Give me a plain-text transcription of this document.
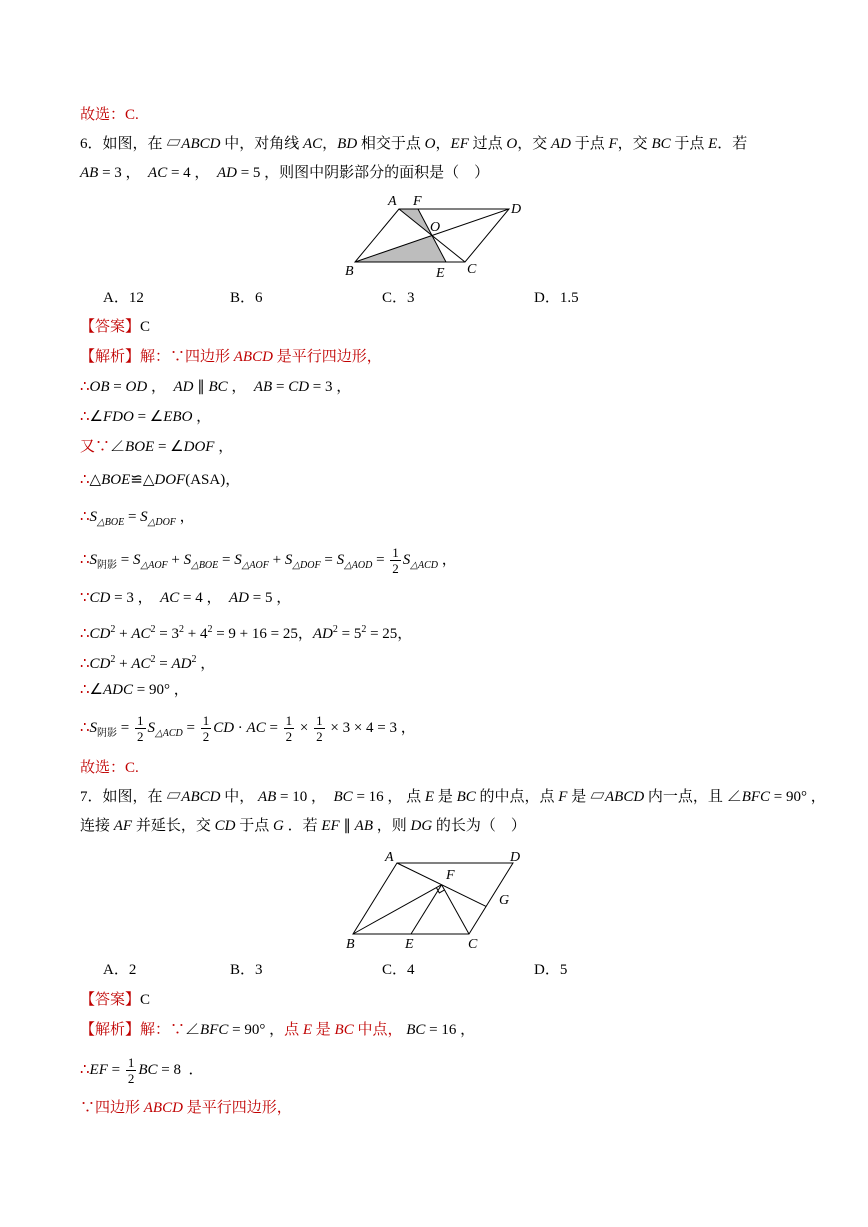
故选：C.
6．如图，在 ▱ABCD 中，对角线 AC，BD 相交于点 O，EF 过点 O，交 AD 于点 F，交 BC 于点 E．若
AB = 3 ，  AC = 4 ，  AD = 5 ，则图中阴影部分的面积是（    ）
A F
D
O
B	E C
A．12	B．6	C．3	D．1.5
【答案】C
【解析】解：∵四边形 ABCD 是平行四边形，
∴OB = OD ，  AD ∥ BC ，  AB = CD = 3 ，
∴∠FDO = ∠EBO ，
又∵∠BOE = ∠DOF ，
∴△BOE≌△DOF(ASA)，
$\therefore S_{\triangle BOE} = S_{\triangle DOF}$ ，
$\therefore S_{阴影} = S_{\triangle AOF} + S_{\triangle BOE} = S_{\triangle AOF} + S_{\triangle DOF} = S_{\triangle AOD} = \frac{1}{2} S_{\triangle ACD}$ ，
∵CD = 3 ，  AC = 4 ，  AD = 5 ，
$\therefore CD^2 + AC^2 = 3^2 + 4^2 = 9 + 16 = 25$，$AD^2 = 5^2 = 25$，
$\therefore CD^2 + AC^2 = AD^2$ ，
∴∠ADC = 90° ，
$\therefore S_{阴影} = \frac{1}{2} S_{\triangle ACD} = \frac{1}{2}$ CD · AC = $\frac{1}{2} \times \frac{1}{2} \times 3 \times 4 = 3$ ，
故选：C.
7．如图，在 ▱ABCD 中， AB = 10 ，  BC = 16 ， 点 E 是 BC 的中点，点 F 是 ▱ABCD 内一点，且 ∠BFC = 90° ，
连接 AF 并延长，交 CD 于点 G ．若 EF ∥ AB ，则 DG 的长为（    ）
A	D
F
G
B	E	C
A．2	B．3	C．4	D．5
【答案】C
【解析】解：∵∠BFC = 90° ，点 E 是 BC 中点， BC = 16 ，
∴EF = $\frac{1}{2}$ BC = 8  ．
∵四边形 ABCD 是平行四边形，
